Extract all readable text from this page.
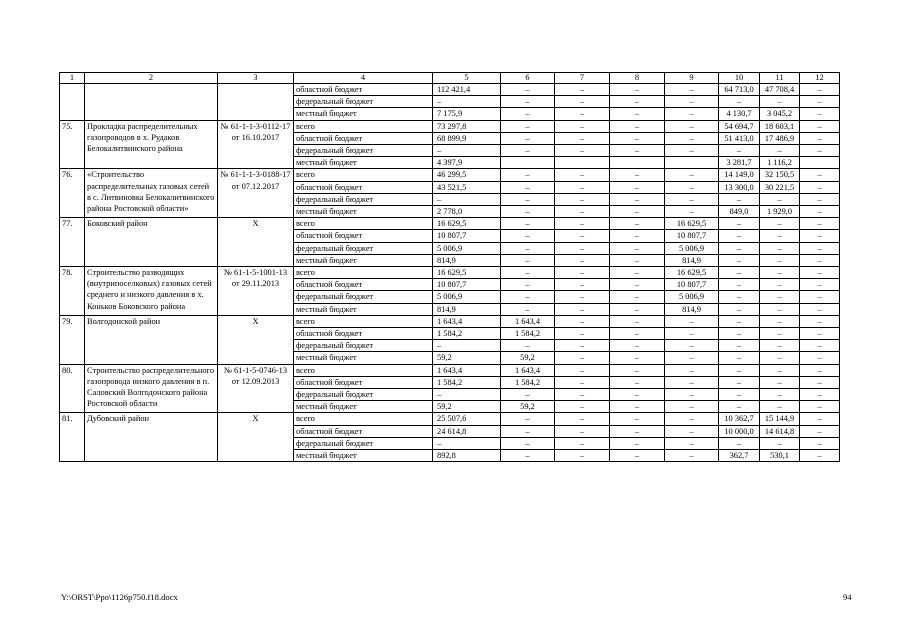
1	2	3	4	5	6	7	8	9	10	11	12
			областной бюджет	112 421,4	–	–	–	–	64 713,0	47 708,4	–
			федеральный бюджет	–	–	–	–	–	–	–	–
			местный бюджет	7 175,9	–	–	–	–	4 130,7	3 045,2	–
75.	Прокладка распределительных газопроводов в х. Рудаков Белокалитвинского района	№ 61-1-1-3-0112-17 от 16.10.2017	всего	73 297,8	–	–	–	–	54 694,7	18 603,1	–
			областной бюджет	68 899,9	–	–	–	–	51 413,0	17 486,9	–
			федеральный бюджет	–	–	–	–	–	–	–	–
			местный бюджет	4 397,9					3 281,7	1 116,2	
76.	«Строительство распределительных газовых сетей в с. Литвиновка Белокалитвинского района Ростовской области»	№ 61-1-1-3-0188-17 от 07.12.2017	всего	46 299,5	–	–	–	–	14 149,0	32 150,5	–
			областной бюджет	43 521,5	–	–	–	–	13 300,0	30 221,5	–
			федеральный бюджет	–	–	–	–	–	–	–	–
			местный бюджет	2 778,0	–	–	–	–	849,0	1 929,0	–
77.	Боковский район	Х	всего	16 629,5	–	–	–	16 629,5	–	–	–
			областной бюджет	10 807,7	–	–	–	10 807,7	–	–	–
			федеральный бюджет	5 006,9	–	–	–	5 006,9	–	–	–
			местный бюджет	814,9	–	–	–	814,9	–	–	–
78.	Строительство разводящих (внутрипоселковых) газовых сетей среднего и низкого давления в х. Коньков Боковского района	№ 61-1-5-1001-13 от 29.11.2013	всего	16 629,5	–	–	–	16 629,5	–	–	–
			областной бюджет	10 807,7	–	–	–	10 807,7	–	–	–
			федеральный бюджет	5 006,9	–	–	–	5 006,9	–	–	–
			местный бюджет	814,9	–	–	–	814,9	–	–	–
79.	Волгодонской район	Х	всего	1 643,4	1 643,4	–	–	–	–	–	–
			областной бюджет	1 584,2	1 584,2	–	–	–	–	–	–
			федеральный бюджет	–	–	–	–	–	–	–	–
			местный бюджет	59,2	59,2	–	–	–	–	–	–
80.	Строительство распределительного газопровода низкого давления в п. Саловский Волгодонского района Ростовской области	№ 61-1-5-0746-13 от 12.09.2013	всего	1 643,4	1 643,4	–	–	–	–	–	–
			областной бюджет	1 584,2	1 584,2	–	–	–	–	–	–
			федеральный бюджет	–	–	–	–	–	–	–	–
			местный бюджет	59,2	59,2	–	–	–	–	–	–
81.	Дубовский район	Х	всего	25 507,6	–	–	–	–	10 362,7	15 144,9	–
			областной бюджет	24 614,8	–	–	–	–	10 000,0	14 614,8	–
			федеральный бюджет	–	–	–	–	–	–	–	–
			местный бюджет	892,8	–	–	–	–	362,7	530,1	–
Y:\ORST\Ppo\1126p750.f18.docx	94
